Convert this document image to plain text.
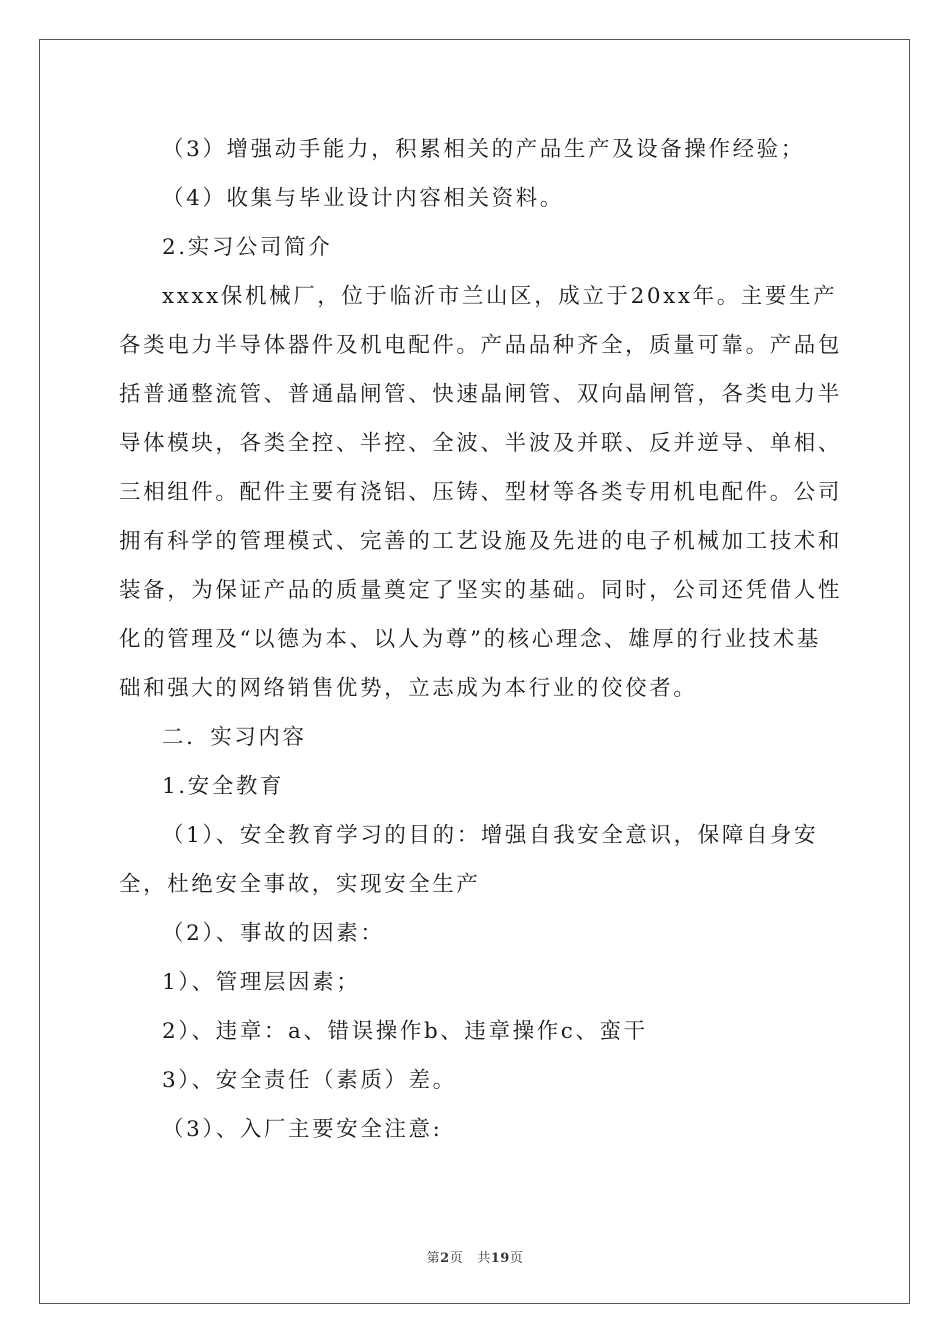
（3）增强动手能力，积累相关的产品生产及设备操作经验；
（4）收集与毕业设计内容相关资料。
2.实习公司简介
xxxx保机械厂，位于临沂市兰山区，成立于20xx年。主要生产
各类电力半导体器件及机电配件。产品品种齐全，质量可靠。产品包
括普通整流管、普通晶闸管、快速晶闸管、双向晶闸管，各类电力半
导体模块，各类全控、半控、全波、半波及并联、反并逆导、单相、
三相组件。配件主要有浇铝、压铸、型材等各类专用机电配件。公司
拥有科学的管理模式、完善的工艺设施及先进的电子机械加工技术和
装备，为保证产品的质量奠定了坚实的基础。同时，公司还凭借人性
化的管理及“以德为本、以人为尊”的核心理念、雄厚的行业技术基
础和强大的网络销售优势，立志成为本行业的佼佼者。
二．实习内容
1.安全教育
（1）、安全教育学习的目的：增强自我安全意识，保障自身安
全，杜绝安全事故，实现安全生产
（2）、事故的因素：
1）、管理层因素；
2）、违章：a、错误操作b、违章操作c、蛮干
3）、安全责任（素质）差。
（3）、入厂主要安全注意:
第2页 共19页
